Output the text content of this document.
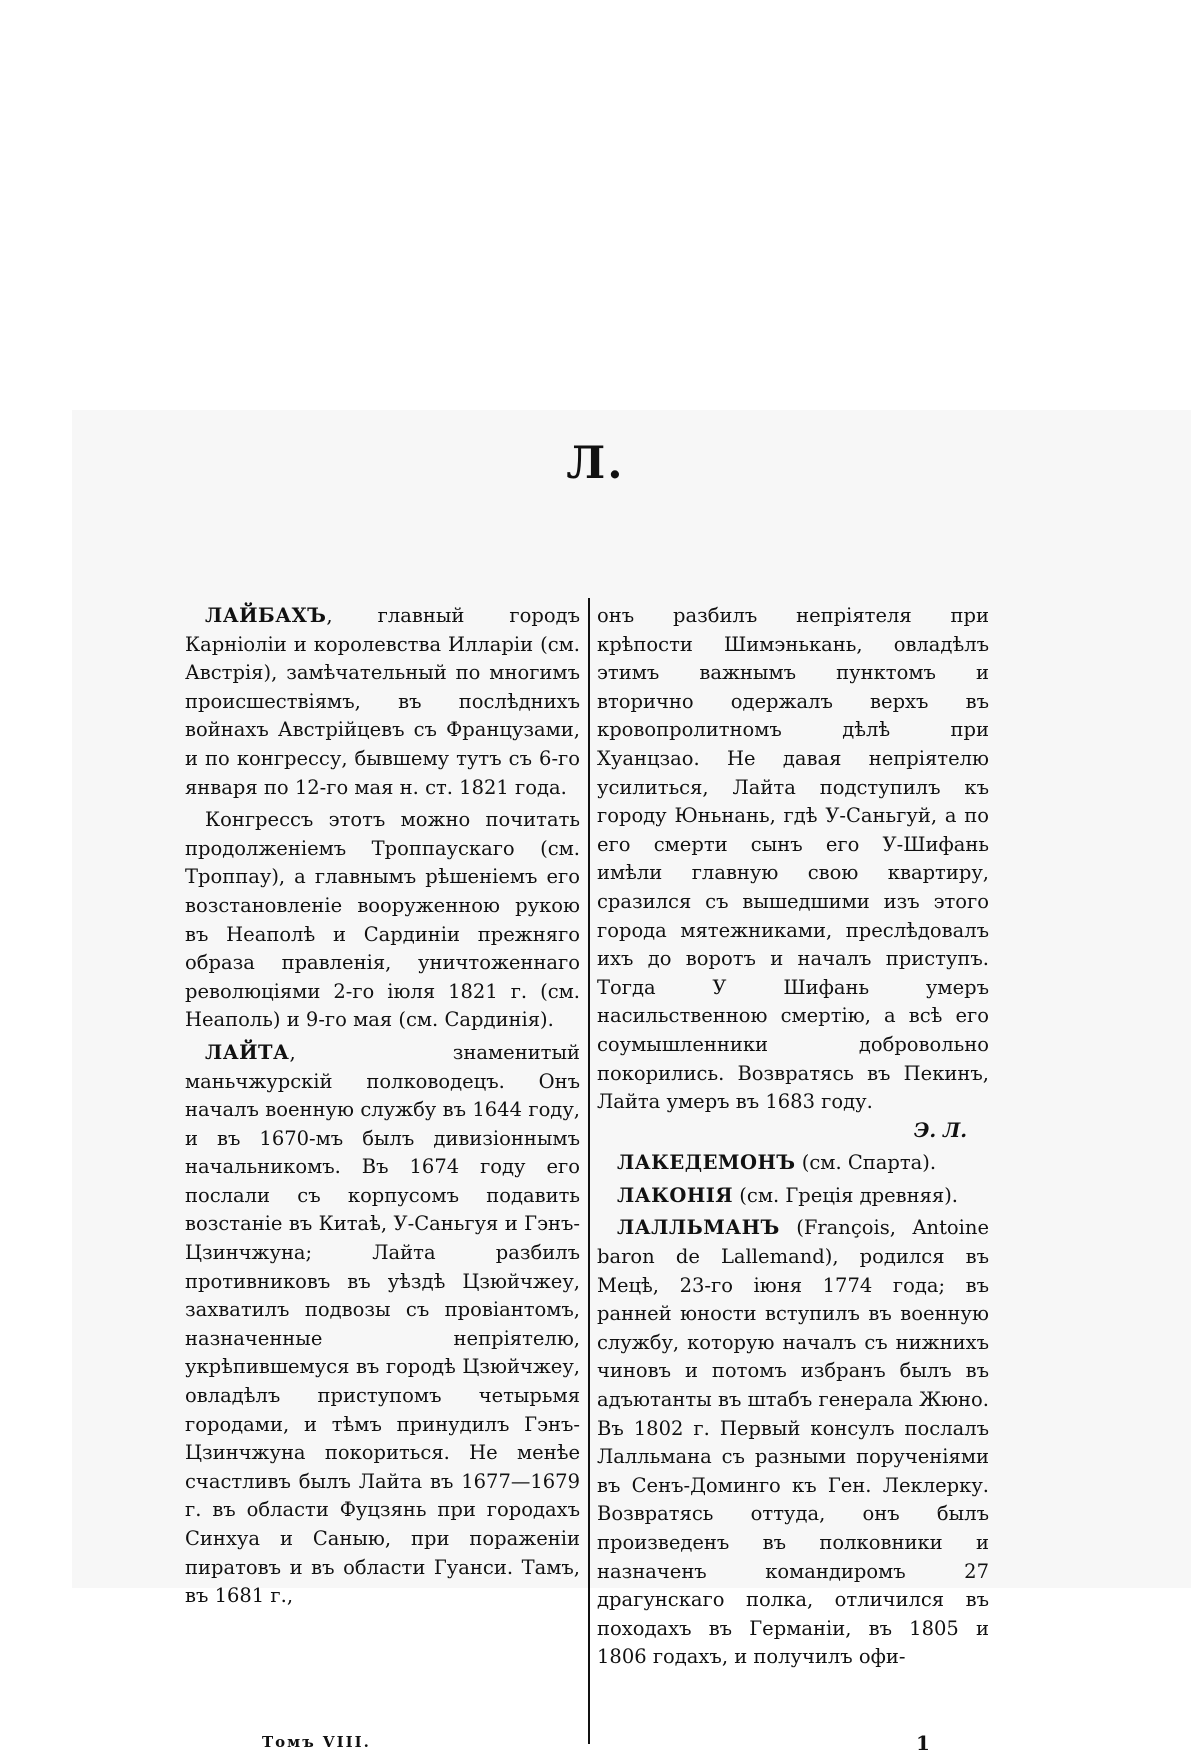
Л.

ЛАЙБАХЪ, главный городъ Карніоліи и королевства Илларіи (см. Австрія), замѣчательный по многимъ происшествіямъ, въ послѣднихъ войнахъ Австрійцевъ съ Французами, и по конгрессу, бывшему тутъ съ 6-го января по 12-го мая н. ст. 1821 года.

Конгрессъ этотъ можно почитать продолженіемъ Троппаускаго (см. Троппау), а главнымъ рѣшеніемъ его возстановленіе вооруженною рукою въ Неаполѣ и Сардиніи прежняго образа правленія, уничтоженнаго революціями 2-го іюля 1821 г. (см. Неаполь) и 9-го мая (см. Сардинія).

ЛАЙТА, знаменитый маньчжурскій полководецъ. Онъ началъ военную службу въ 1644 году, и въ 1670-мъ былъ дивизіоннымъ начальникомъ. Въ 1674 году его послали съ корпусомъ подавить возстаніе въ Китаѣ, У-Саньгуя и Гэнъ-Цзинчжуна; Лайта разбилъ противниковъ въ уѣздѣ Цзюйчжеу, захватилъ подвозы съ провіантомъ, назначенные непріятелю, укрѣпившемуся въ городѣ Цзюйчжеу, овладѣлъ приступомъ четырьмя городами, и тѣмъ принудилъ Гэнъ-Цзинчжуна покориться. Не менѣе счастливъ былъ Лайта въ 1677—1679 г. въ области Фуцзянь при городахъ Синхуа и Саныю, при пораженіи пиратовъ и въ области Гуанси. Тамъ, въ 1681 г.,

онъ разбилъ непріятеля при крѣпости Шимэнькань, овладѣлъ этимъ важнымъ пунктомъ и вторично одержалъ верхъ въ кровопролитномъ дѣлѣ при Хуанцзао. Не давая непріятелю усилиться, Лайта подступилъ къ городу Юньнань, гдѣ У-Саньгуй, а по его смерти сынъ его У-Шифань имѣли главную свою квартиру, сразился съ вышедшими изъ этого города мятежниками, преслѣдовалъ ихъ до воротъ и началъ приступъ. Тогда У Шифань умеръ насильственною смертію, а всѣ его соумышленники добровольно покорились. Возвратясь въ Пекинъ, Лайта умеръ въ 1683 году.

Э. Л.

ЛАКЕДЕМОНЪ (см. Спарта).

ЛАКОНІЯ (см. Греція древняя).

ЛАЛЛЬМАНЪ (François, Antoine baron de Lallemand), родился въ Мецѣ, 23-го іюня 1774 года; въ ранней юности вступилъ въ военную службу, которую началъ съ нижнихъ чиновъ и потомъ избранъ былъ въ адъютанты въ штабъ генерала Жюно. Въ 1802 г. Первый консулъ послалъ Лалльмана съ разными порученіями въ Сенъ-Доминго къ Ген. Леклерку. Возвратясь оттуда, онъ былъ произведенъ въ полковники и назначенъ командиромъ 27 драгунскаго полка, отличился въ походахъ въ Германіи, въ 1805 и 1806 годахъ, и получилъ офи-

Томъ VIII.	1
